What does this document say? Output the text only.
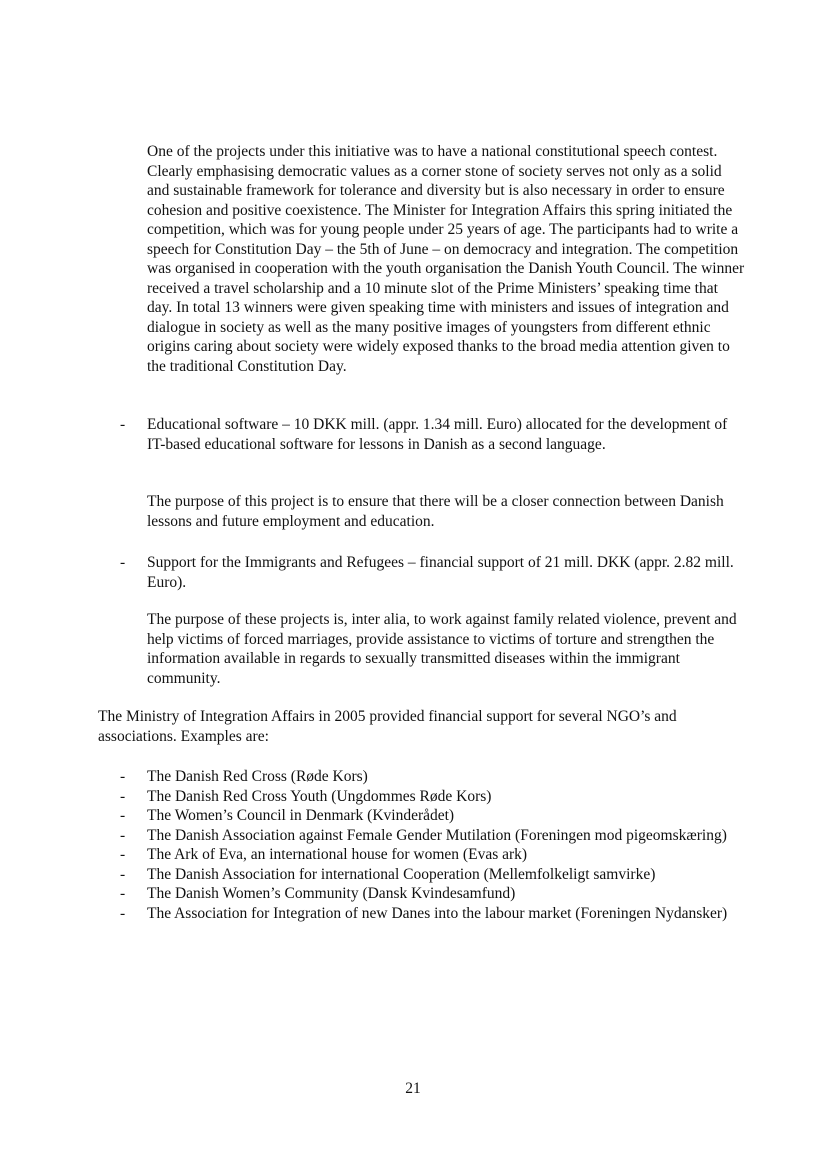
One of the projects under this initiative was to have a national constitutional speech contest. Clearly emphasising democratic values as a corner stone of society serves not only as a solid and sustainable framework for tolerance and diversity but is also necessary in order to ensure cohesion and positive coexistence. The Minister for Integration Affairs this spring initiated the competition, which was for young people under 25 years of age. The participants had to write a speech for Constitution Day – the 5th of June – on democracy and integration. The competition was organised in cooperation with the youth organisation the Danish Youth Council. The winner received a travel scholarship and a 10 minute slot of the Prime Ministers’ speaking time that day. In total 13 winners were given speaking time with ministers and issues of integration and dialogue in society as well as the many positive images of youngsters from different ethnic origins caring about society were widely exposed thanks to the broad media attention given to the traditional Constitution Day.

-	Educational software – 10 DKK mill. (appr. 1.34 mill. Euro) allocated for the development of IT-based educational software for lessons in Danish as a second language.

The purpose of this project is to ensure that there will be a closer connection between Danish lessons and future employment and education.

-	Support for the Immigrants and Refugees – financial support of 21 mill. DKK (appr. 2.82 mill. Euro).

The purpose of these projects is, inter alia, to work against family related violence, prevent and help victims of forced marriages, provide assistance to victims of torture and strengthen the information available in regards to sexually transmitted diseases within the immigrant community.

The Ministry of Integration Affairs in 2005 provided financial support for several NGO’s and associations. Examples are:

-	The Danish Red Cross (Røde Kors)
-	The Danish Red Cross Youth (Ungdommes Røde Kors)
-	The Women’s Council in Denmark (Kvinderådet)
-	The Danish Association against Female Gender Mutilation (Foreningen mod pigeomskæring)
-	The Ark of Eva, an international house for women (Evas ark)
-	The Danish Association for international Cooperation (Mellemfolkeligt samvirke)
-	The Danish Women’s Community (Dansk Kvindesamfund)
-	The Association for Integration of new Danes into the labour market (Foreningen Nydansker)
21
